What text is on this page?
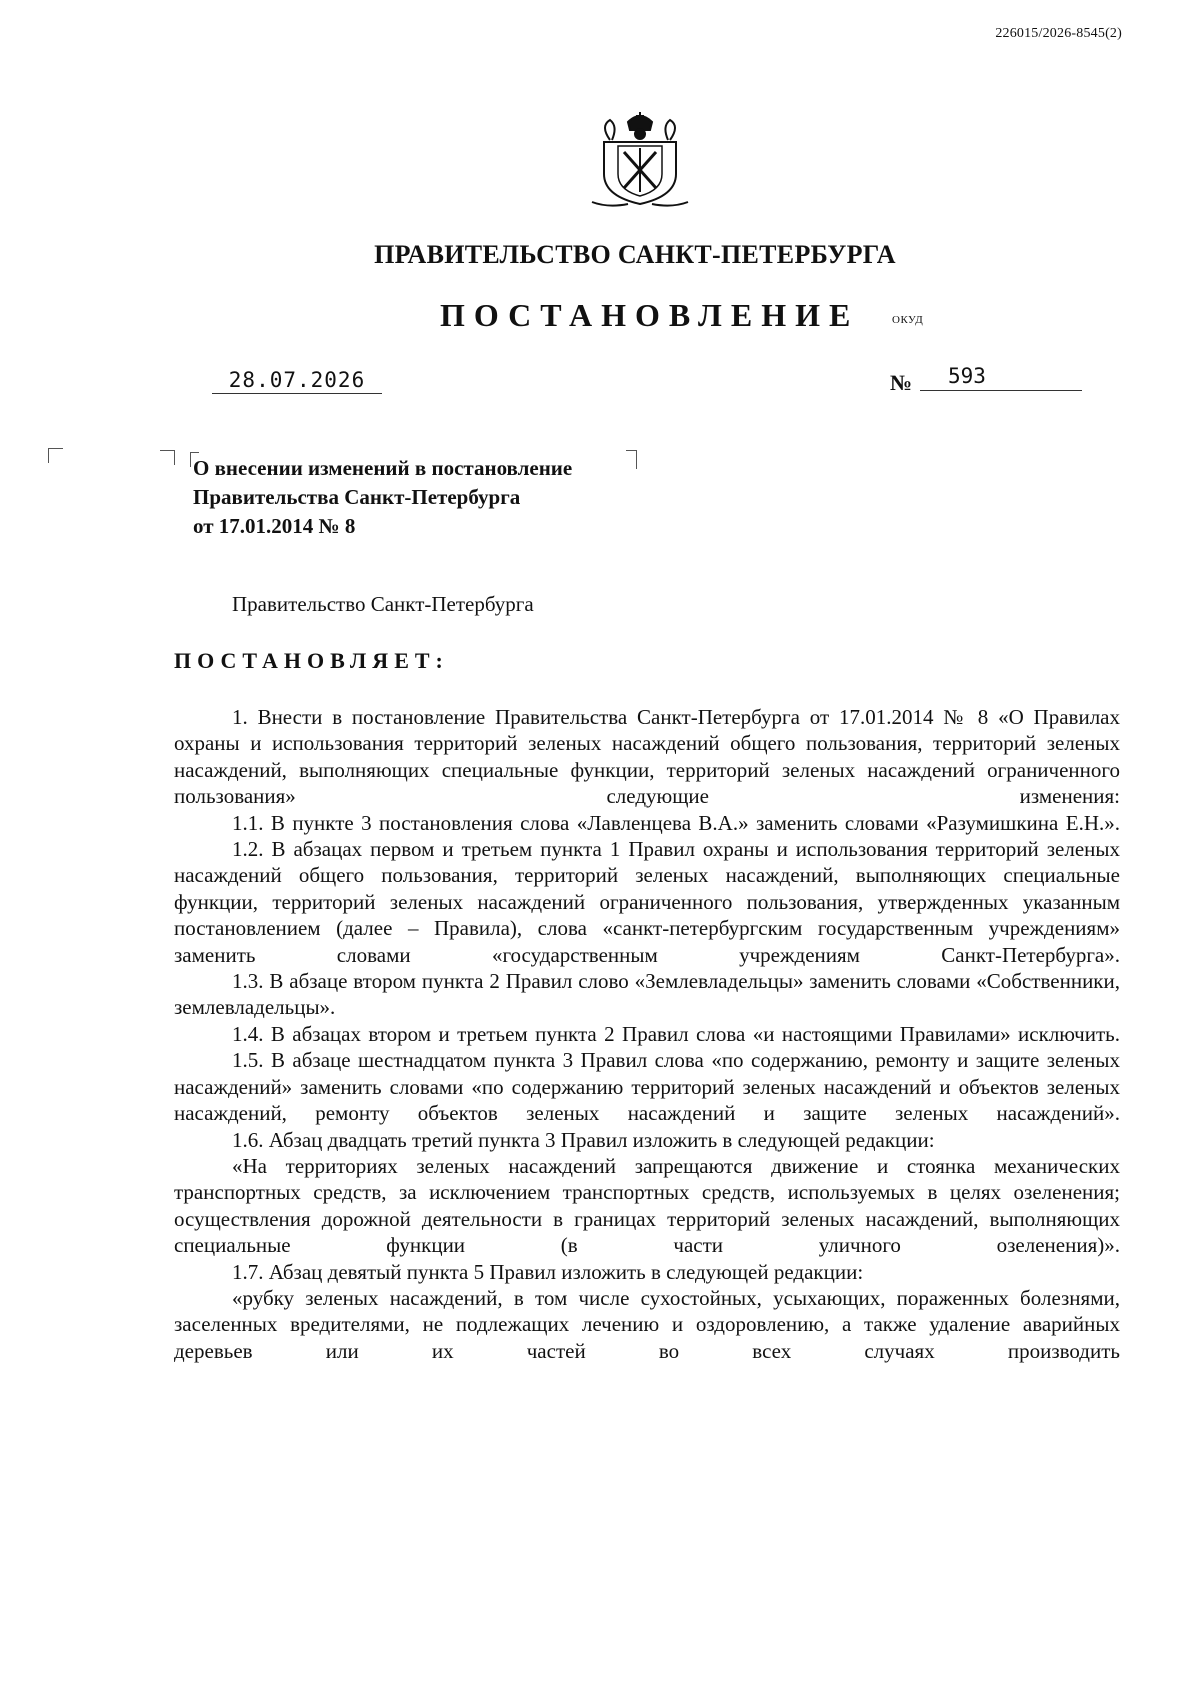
226015/2026-8545(2)
ПРАВИТЕЛЬСТВО САНКТ-ПЕТЕРБУРГА
ПОСТАНОВЛЕНИЕ	ОКУД
28.07.2026	№	593
О внесении изменений в постановление
Правительства Санкт-Петербурга
от 17.01.2014 № 8
Правительство Санкт-Петербурга
ПОСТАНОВЛЯЕТ:

1. Внести в постановление Правительства Санкт-Петербурга от 17.01.2014 № 8 «О Правилах охраны и использования территорий зеленых насаждений общего пользования, территорий зеленых насаждений, выполняющих специальные функции, территорий зеленых насаждений ограниченного пользования» следующие изменения:

1.1. В пункте 3 постановления слова «Лавленцева В.А.» заменить словами «Разумишкина Е.Н.».

1.2. В абзацах первом и третьем пункта 1 Правил охраны и использования территорий зеленых насаждений общего пользования, территорий зеленых насаждений, выполняющих специальные функции, территорий зеленых насаждений ограниченного пользования, утвержденных указанным постановлением (далее – Правила), слова «санкт-петербургским государственным учреждениям» заменить словами «государственным учреждениям Санкт-Петербурга».

1.3. В абзаце втором пункта 2 Правил слово «Землевладельцы» заменить словами «Собственники, землевладельцы».

1.4. В абзацах втором и третьем пункта 2 Правил слова «и настоящими Правилами» исключить.

1.5. В абзаце шестнадцатом пункта 3 Правил слова «по содержанию, ремонту и защите зеленых насаждений» заменить словами «по содержанию территорий зеленых насаждений и объектов зеленых насаждений, ремонту объектов зеленых насаждений и защите зеленых насаждений».

1.6. Абзац двадцать третий пункта 3 Правил изложить в следующей редакции:

«На территориях зеленых насаждений запрещаются движение и стоянка механических транспортных средств, за исключением транспортных средств, используемых в целях озеленения; осуществления дорожной деятельности в границах территорий зеленых насаждений, выполняющих специальные функции (в части уличного озеленения)».

1.7. Абзац девятый пункта 5 Правил изложить в следующей редакции:

«рубку зеленых насаждений, в том числе сухостойных, усыхающих, пораженных болезнями, заселенных вредителями, не подлежащих лечению и оздоровлению, а также удаление аварийных деревьев или их частей во всех случаях производить
